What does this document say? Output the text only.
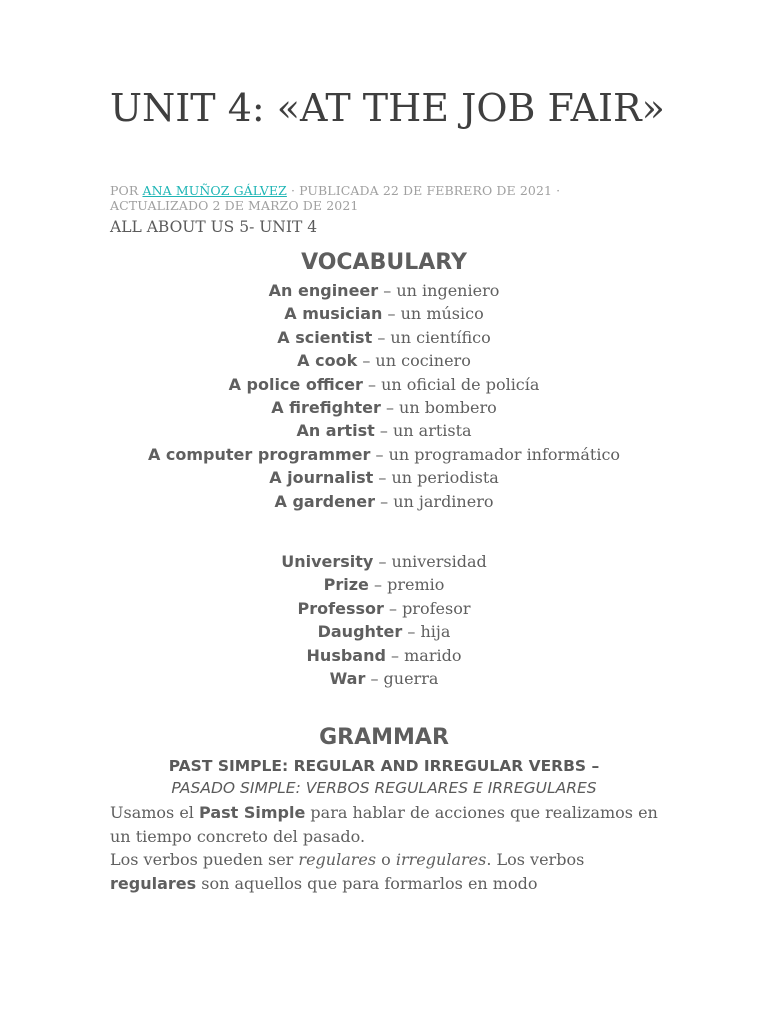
UNIT 4: «AT THE JOB FAIR»
POR ANA MUÑOZ GÁLVEZ · PUBLICADA 22 DE FEBRERO DE 2021 ·
ACTUALIZADO 2 DE MARZO DE 2021
ALL ABOUT US 5- UNIT 4
VOCABULARY
An engineer – un ingeniero
A musician – un músico
A scientist – un científico
A cook – un cocinero
A police officer – un oficial de policía
A firefighter – un bombero
An artist – un artista
A computer programmer – un programador informático
A journalist – un periodista
A gardener – un jardinero
University – universidad
Prize – premio
Professor – profesor
Daughter – hija
Husband – marido
War – guerra
GRAMMAR
PAST SIMPLE: REGULAR AND IRREGULAR VERBS –
PASADO SIMPLE: VERBOS REGULARES E IRREGULARES
Usamos el Past Simple para hablar de acciones que realizamos en un tiempo concreto del pasado.
Los verbos pueden ser regulares o irregulares. Los verbos regulares son aquellos que para formarlos en modo
